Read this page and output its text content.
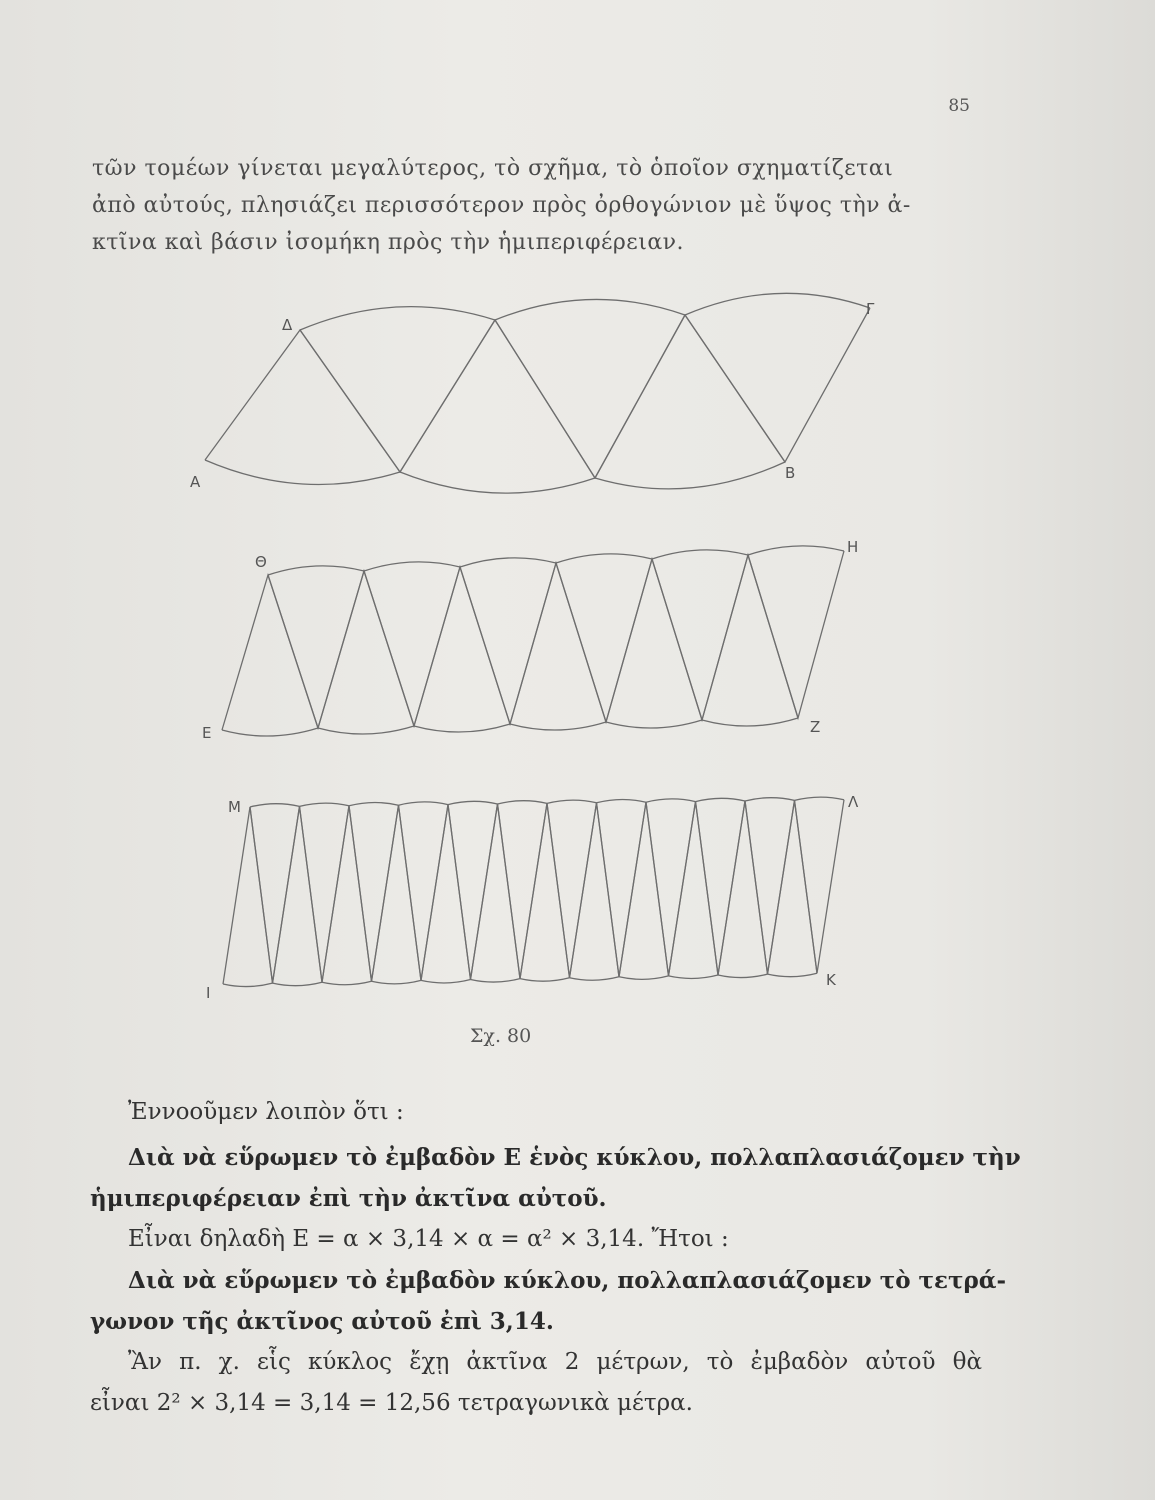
85
τῶν τομέων γίνεται μεγαλύτερος, τὸ σχῆμα, τὸ ὁποῖον σχηματίζεται
ἀπὸ αὐτούς, πλησιάζει περισσότερον πρὸς ὀρθογώνιον μὲ ὕψος τὴν ἀ-
κτῖνα καὶ βάσιν ἰσομήκη πρὸς τὴν ἡμιπεριφέρειαν.
Δ
Γ
Α	Β
Θ
Η
Ε	Ζ
Μ	Λ
Ι
Κ
Σχ. 80
Ἐννοοῦμεν λοιπὸν ὅτι :
Διὰ νὰ εὕρωμεν τὸ ἐμβαδὸν Ε ἑνὸς κύκλου, πολλαπλασιάζομεν τὴν
ἡμιπεριφέρειαν ἐπὶ τὴν ἀκτῖνα αὐτοῦ.
Εἶναι δηλαδὴ Ε = α × 3,14 × α = α² × 3,14. Ἤτοι :
Διὰ νὰ εὕρωμεν τὸ ἐμβαδὸν κύκλου, πολλαπλασιάζομεν τὸ τετρά-
γωνον τῆς ἀκτῖνος αὐτοῦ ἐπὶ 3,14.
Ἂν π. χ. εἷς κύκλος ἔχῃ ἀκτῖνα 2 μέτρων, τὸ ἐμβαδὸν αὐτοῦ θὰ
εἶναι 2² × 3,14 = 3,14 = 12,56 τετραγωνικὰ μέτρα.
